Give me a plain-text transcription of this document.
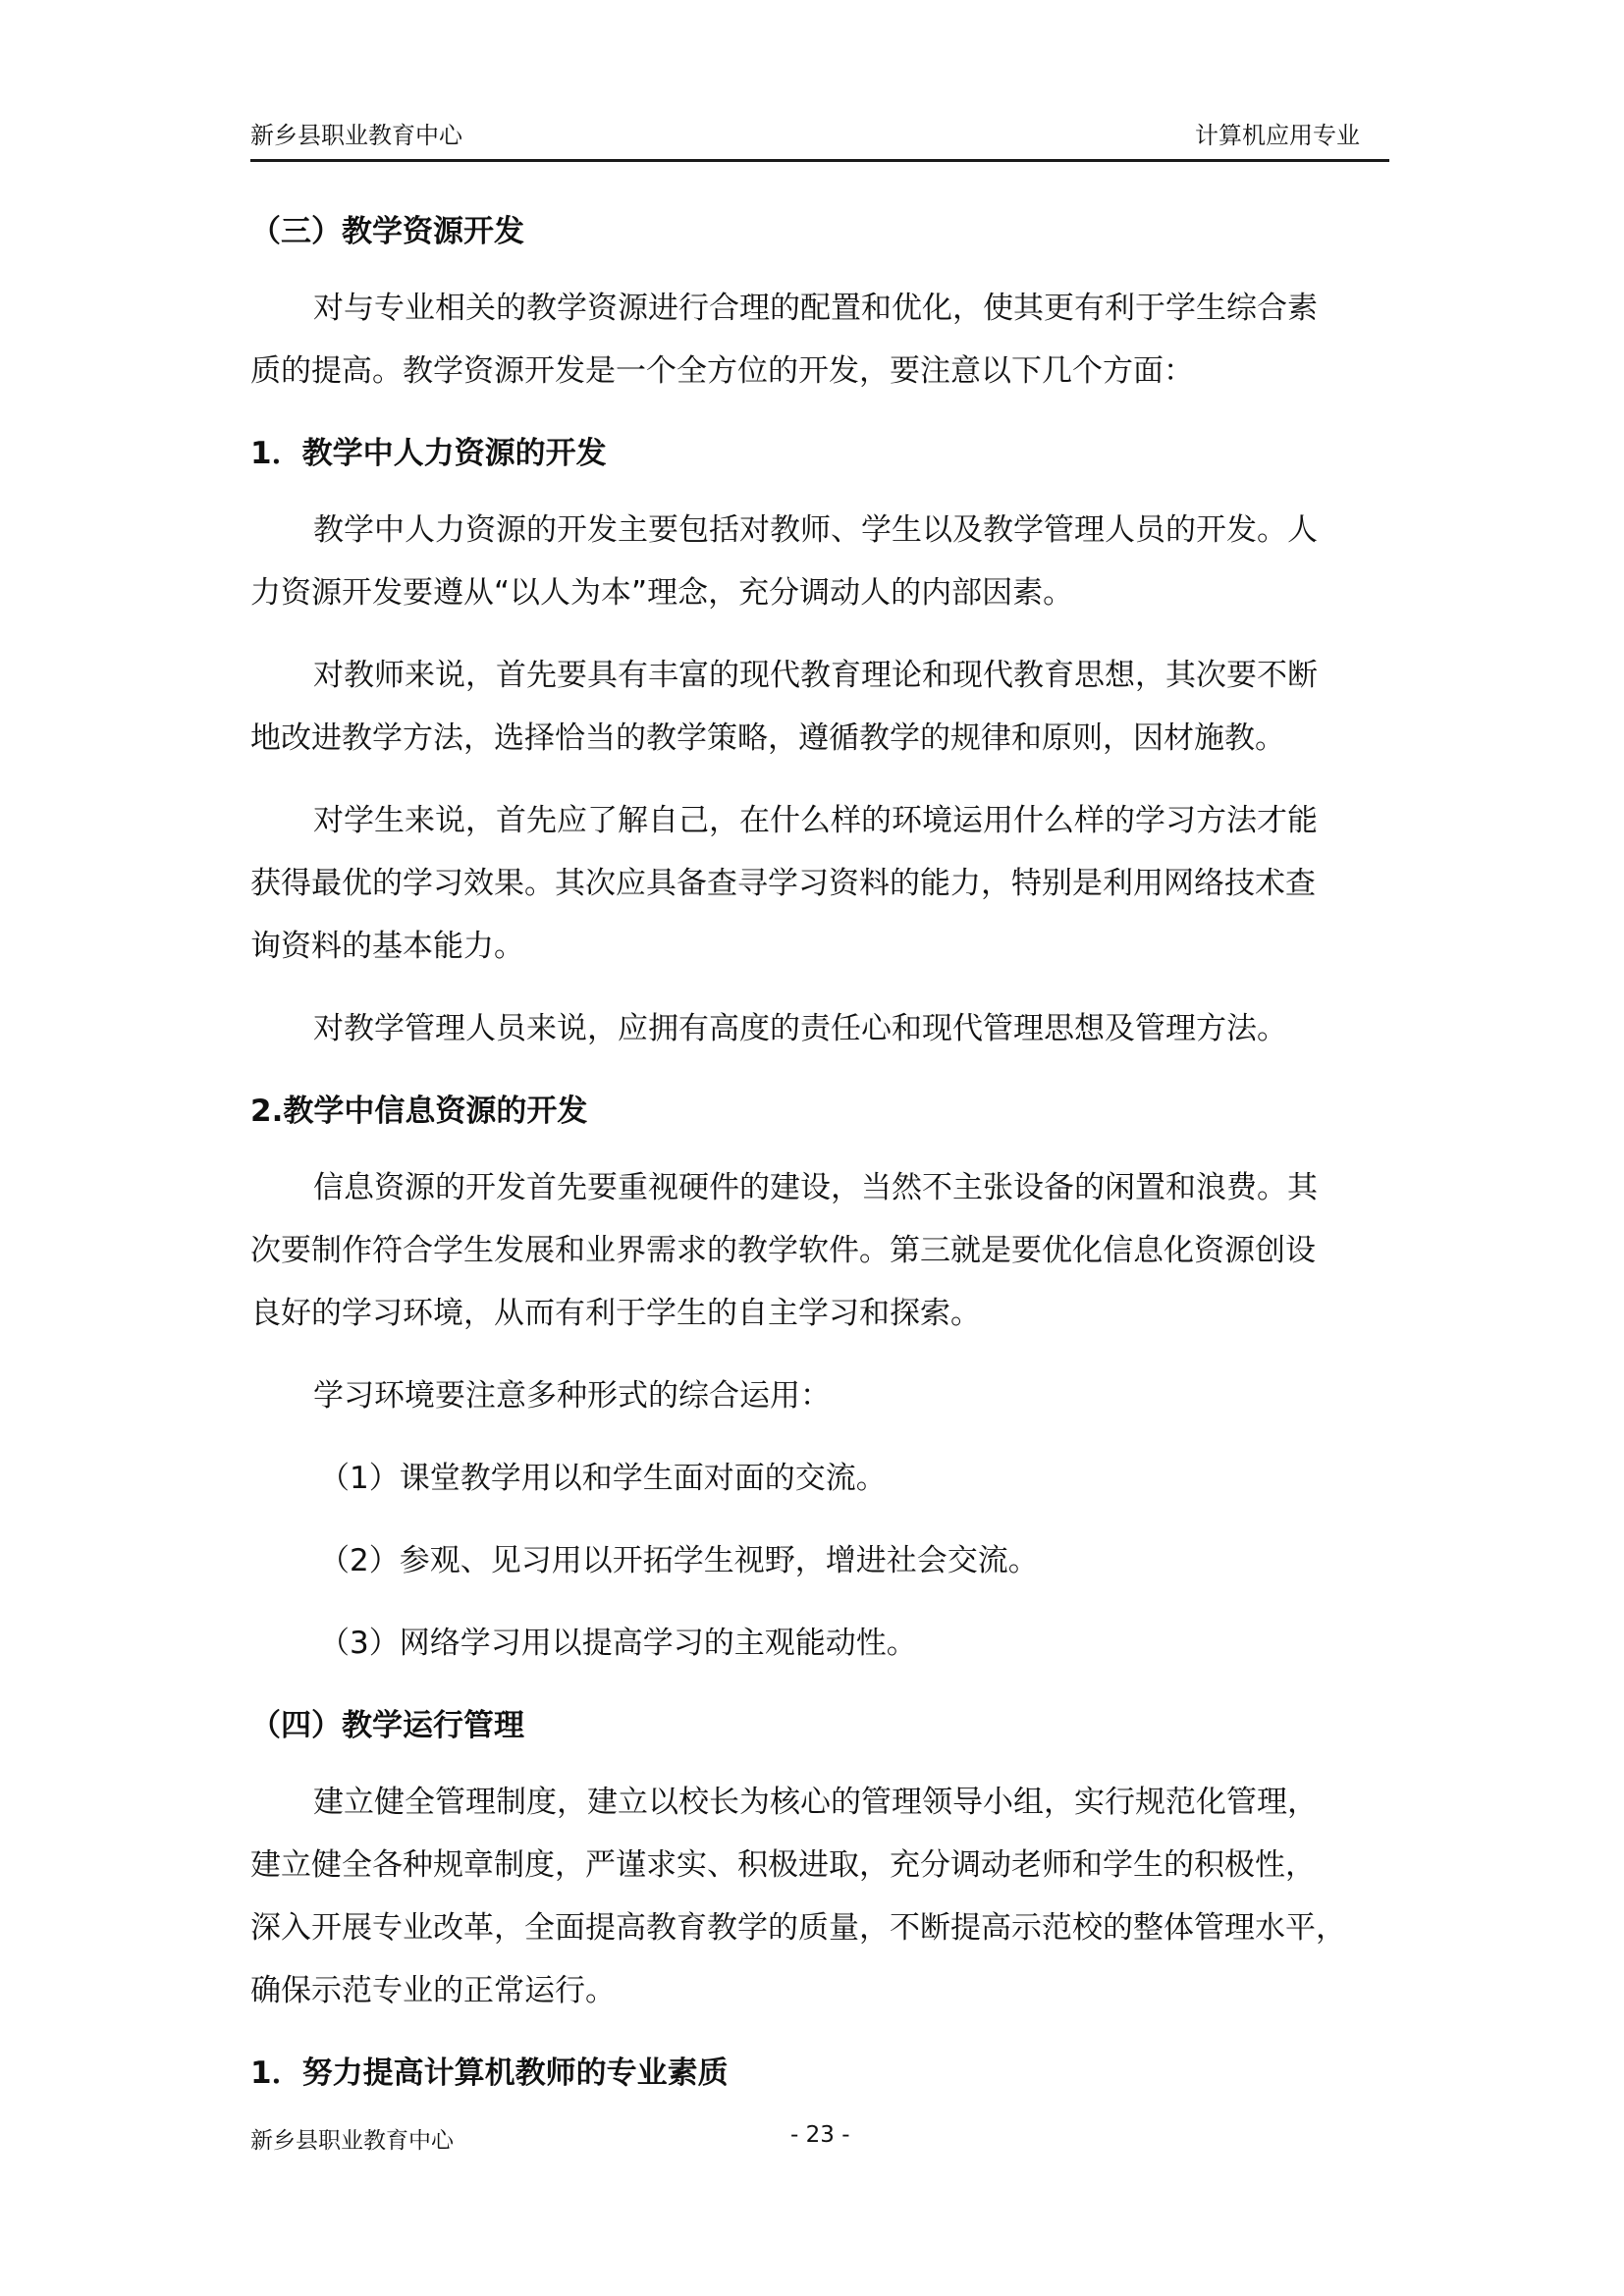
新乡县职业教育中心	计算机应用专业
（三）教学资源开发
对与专业相关的教学资源进行合理的配置和优化，使其更有利于学生综合素
质的提高。教学资源开发是一个全方位的开发，要注意以下几个方面：
1．教学中人力资源的开发
教学中人力资源的开发主要包括对教师、学生以及教学管理人员的开发。人
力资源开发要遵从“以人为本”理念，充分调动人的内部因素。
对教师来说，首先要具有丰富的现代教育理论和现代教育思想，其次要不断
地改进教学方法，选择恰当的教学策略，遵循教学的规律和原则，因材施教。
对学生来说，首先应了解自己，在什么样的环境运用什么样的学习方法才能
获得最优的学习效果。其次应具备查寻学习资料的能力，特别是利用网络技术查
询资料的基本能力。
对教学管理人员来说，应拥有高度的责任心和现代管理思想及管理方法。
2.教学中信息资源的开发
信息资源的开发首先要重视硬件的建设，当然不主张设备的闲置和浪费。其
次要制作符合学生发展和业界需求的教学软件。第三就是要优化信息化资源创设
良好的学习环境，从而有利于学生的自主学习和探索。
学习环境要注意多种形式的综合运用：
（1）课堂教学用以和学生面对面的交流。
（2）参观、见习用以开拓学生视野，增进社会交流。
（3）网络学习用以提高学习的主观能动性。
（四）教学运行管理
建立健全管理制度，建立以校长为核心的管理领导小组，实行规范化管理，
建立健全各种规章制度，严谨求实、积极进取，充分调动老师和学生的积极性，
深入开展专业改革，全面提高教育教学的质量，不断提高示范校的整体管理水平，
确保示范专业的正常运行。
1．努力提高计算机教师的专业素质
新乡县职业教育中心	- 23 -
